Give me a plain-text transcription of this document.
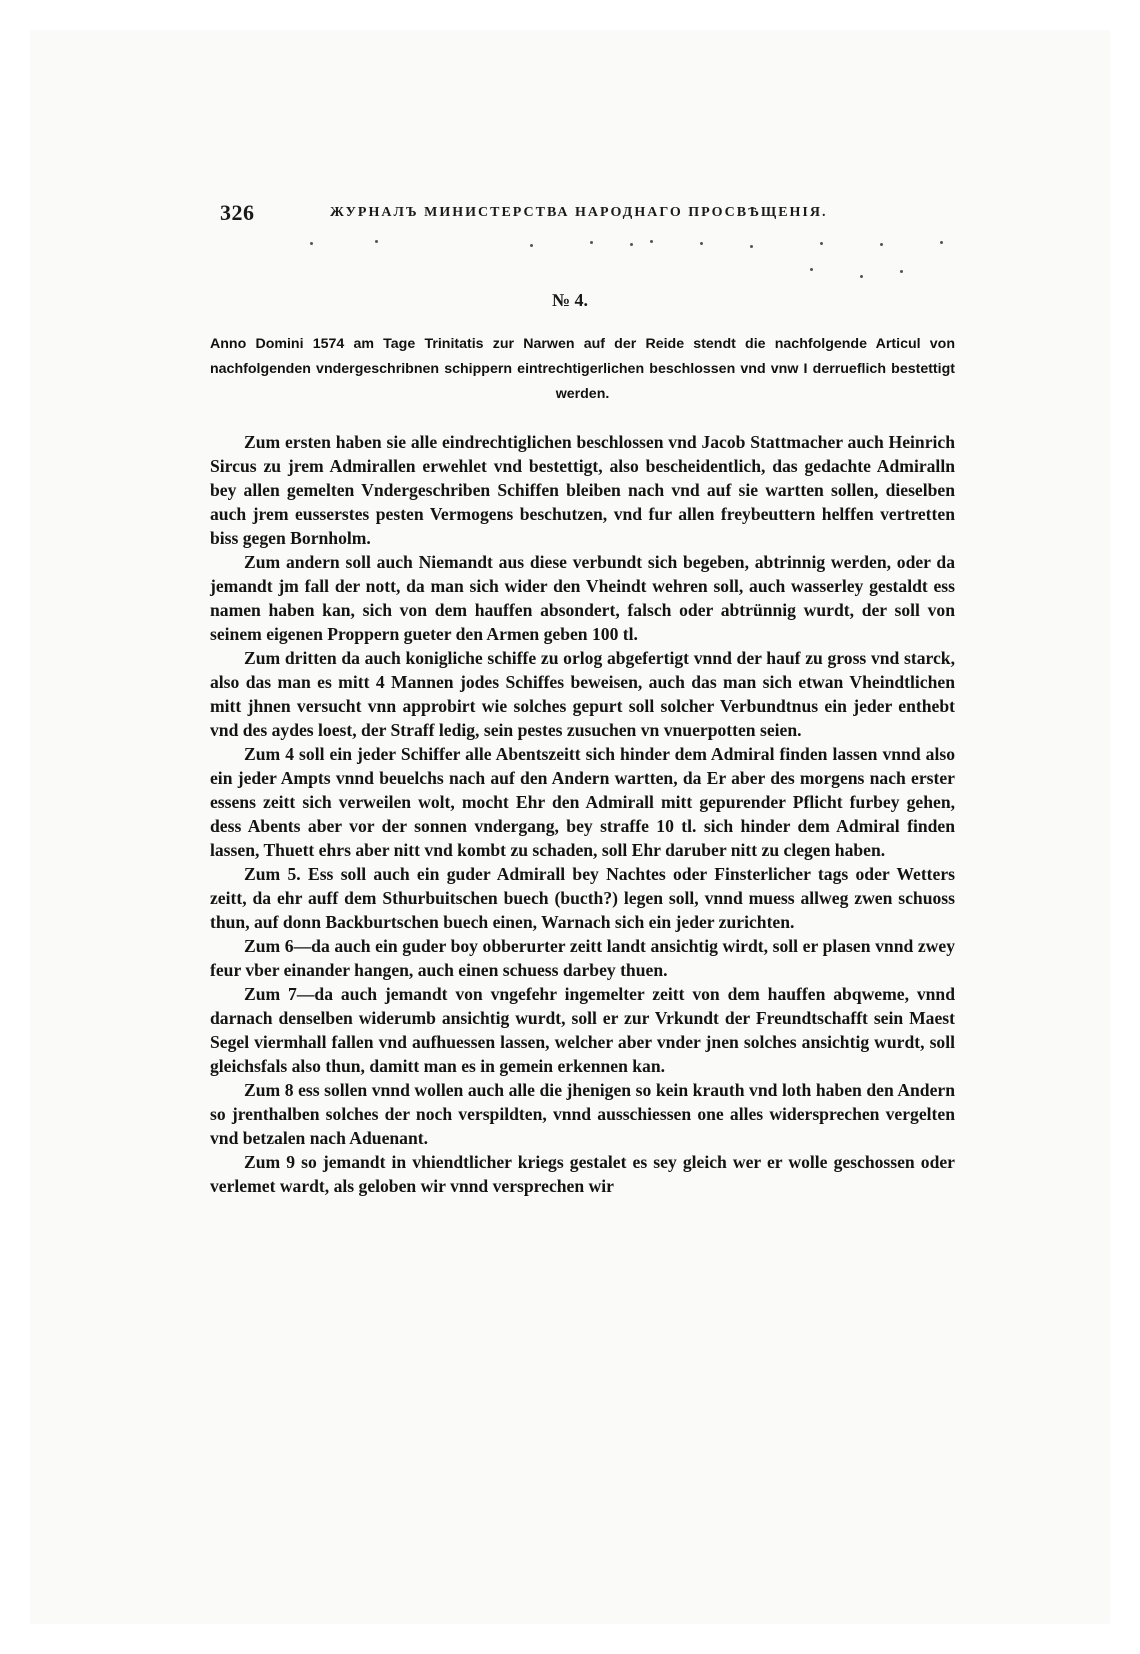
326	ЖУРНАЛЪ МИНИСТЕРСТВА НАРОДНАГО ПРОСВѢЩЕНІЯ.
№ 4.
Anno Domini 1574 am Tage Trinitatis zur Narwen auf der Reide stendt die nachfolgende Articul von nachfolgenden vndergeschribnen schippern eintrechtigerlichen beschlossen vnd vnw I derrueflich bestettigt werden.

Zum ersten haben sie alle eindrechtiglichen beschlossen vnd Jacob Stattmacher auch Heinrich Sircus zu jrem Admirallen erwehlet vnd bestettigt, also bescheidentlich, das gedachte Admiralln bey allen gemelten Vndergeschriben Schiffen bleiben nach vnd auf sie wartten sollen, dieselben auch jrem eusserstes pesten Vermogens beschutzen, vnd fur allen freybeuttern helffen vertretten biss gegen Bornholm.

Zum andern soll auch Niemandt aus diese verbundt sich begeben, abtrinnig werden, oder da jemandt jm fall der nott, da man sich wider den Vheindt wehren soll, auch wasserley gestaldt ess namen haben kan, sich von dem hauffen absondert, falsch oder abtrünnig wurdt, der soll von seinem eigenen Proppern gueter den Armen geben 100 tl.

Zum dritten da auch konigliche schiffe zu orlog abgefertigt vnnd der hauf zu gross vnd starck, also das man es mitt 4 Mannen jodes Schiffes beweisen, auch das man sich etwan Vheindtlichen mitt jhnen versucht vnn approbirt wie solches gepurt soll solcher Verbundtnus ein jeder enthebt vnd des aydes loest, der Straff ledig, sein pestes zusuchen vn vnuerpotten seien.

Zum 4 soll ein jeder Schiffer alle Abentszeitt sich hinder dem Admiral finden lassen vnnd also ein jeder Ampts vnnd beuelchs nach auf den Andern wartten, da Er aber des morgens nach erster essens zeitt sich verweilen wolt, mocht Ehr den Admirall mitt gepurender Pflicht furbey gehen, dess Abents aber vor der sonnen vndergang, bey straffe 10 tl. sich hinder dem Admiral finden lassen, Thuett ehrs aber nitt vnd kombt zu schaden, soll Ehr daruber nitt zu clegen haben.

Zum 5. Ess soll auch ein guder Admirall bey Nachtes oder Finsterlicher tags oder Wetters zeitt, da ehr auff dem Sthurbuitschen buech (bucth?) legen soll, vnnd muess allweg zwen schuoss thun, auf donn Backburtschen buech einen, Warnach sich ein jeder zurichten.

Zum 6—da auch ein guder boy obberurter zeitt landt ansichtig wirdt, soll er plasen vnnd zwey feur vber einander hangen, auch einen schuess darbey thuen.

Zum 7—da auch jemandt von vngefehr ingemelter zeitt von dem hauffen abqweme, vnnd darnach denselben widerumb ansichtig wurdt, soll er zur Vrkundt der Freundtschafft sein Maest Segel viermhall fallen vnd aufhuessen lassen, welcher aber vnder jnen solches ansichtig wurdt, soll gleichsfals also thun, damitt man es in gemein erkennen kan.

Zum 8 ess sollen vnnd wollen auch alle die jhenigen so kein krauth vnd loth haben den Andern so jrenthalben solches der noch verspildten, vnnd ausschiessen one alles widersprechen vergelten vnd betzalen nach Aduenant.

Zum 9 so jemandt in vhiendtlicher kriegs gestalet es sey gleich wer er wolle geschossen oder verlemet wardt, als geloben wir vnnd versprechen wir
